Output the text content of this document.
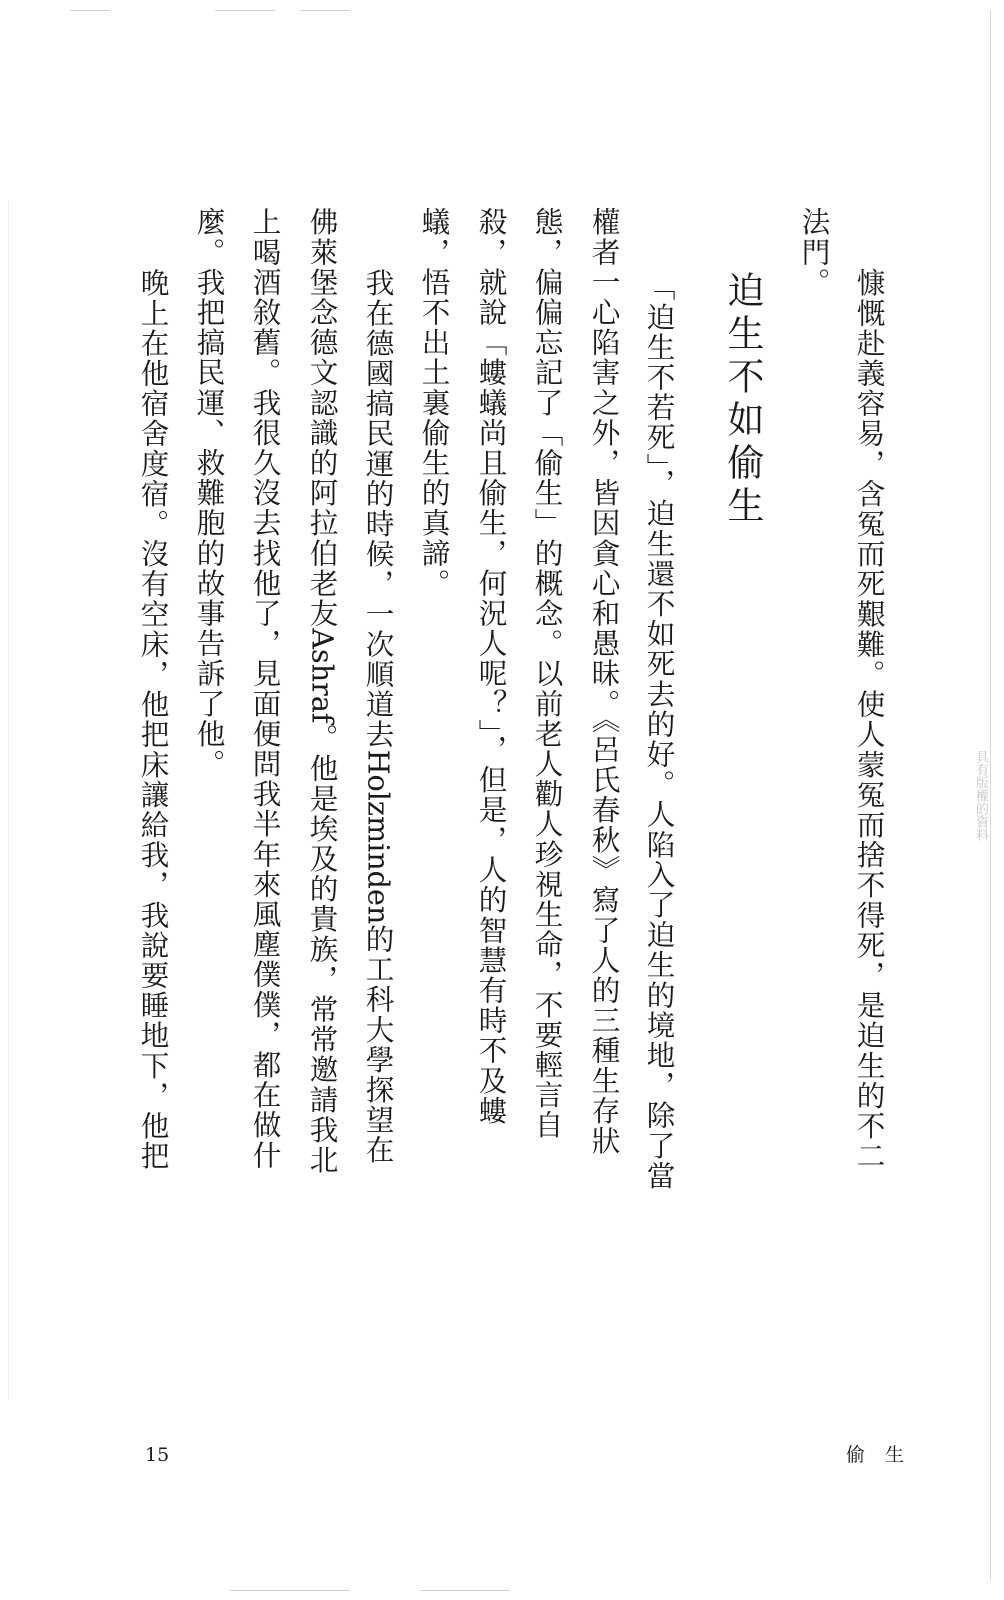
慷慨赴義容易，含冤而死艱難。使人蒙冤而捨不得死，是迫生的不二
法門。
迫生不如偷生
「迫生不若死」，迫生還不如死去的好。人陷入了迫生的境地，除了當
權者一心陷害之外，皆因貪心和愚昧。《呂氏春秋》寫了人的三種生存狀
態，偏偏忘記了「偷生」的概念。以前老人勸人珍視生命，不要輕言自
殺，就說「螻蟻尚且偷生，何況人呢？」，但是，人的智慧有時不及螻
蟻，悟不出土裏偷生的真諦。
我在德國搞民運的時候，一次順道去Holzminden的工科大學探望在
佛萊堡念德文認識的阿拉伯老友Ashraf。他是埃及的貴族，常常邀請我北
上喝酒敘舊。我很久沒去找他了，見面便問我半年來風塵僕僕，都在做什
麼。我把搞民運、救難胞的故事告訴了他。
晚上在他宿舍度宿。沒有空床，他把床讓給我，我說要睡地下，他把
15	偷生
具有版權的資料
